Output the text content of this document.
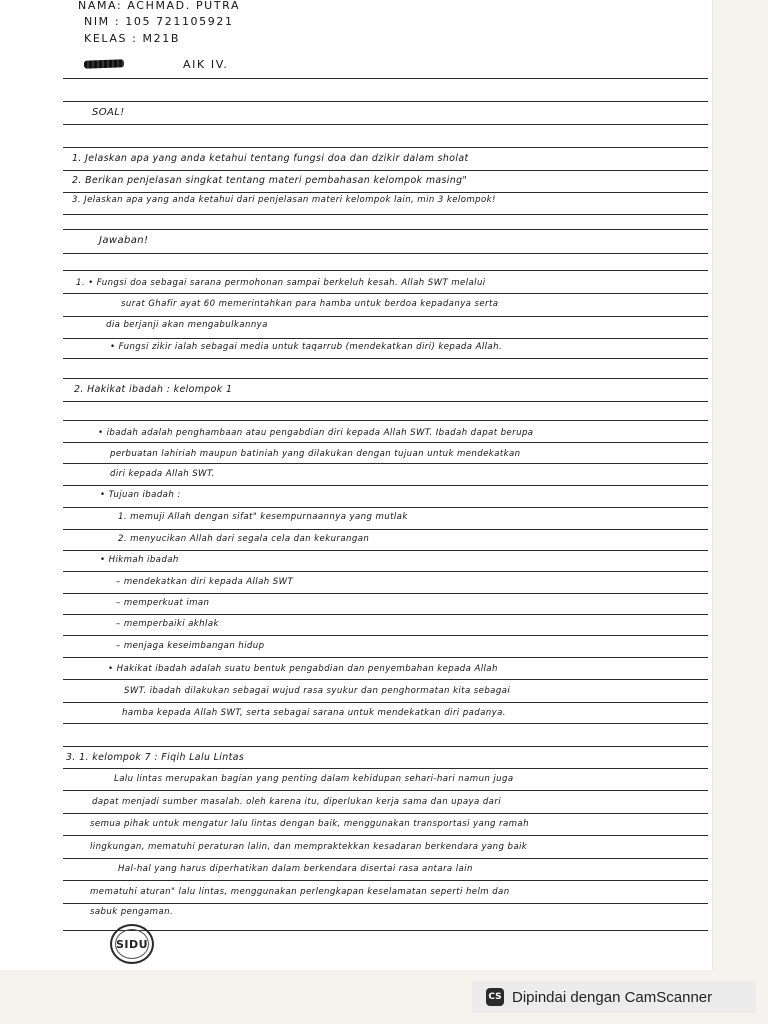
NAMA: ACHMAD. PUTRA
NIM : 105 721105921
KELAS : M21B
AIK IV.
SOAL!
1. Jelaskan apa yang anda ketahui tentang fungsi doa dan dzikir dalam sholat
2. Berikan penjelasan singkat tentang materi pembahasan kelompok masing"
3. Jelaskan apa yang anda ketahui dari penjelasan materi kelompok lain, min 3 kelompok!
Jawaban!
1. • Fungsi doa sebagai sarana permohonan sampai berkeluh kesah. Allah SWT melalui
surat Ghafir ayat 60 memerintahkan para hamba untuk berdoa kepadanya serta
dia berjanji akan mengabulkannya
• Fungsi zikir ialah sebagai media untuk taqarrub (mendekatkan diri) kepada Allah.
2. Hakikat ibadah : kelompok 1
• ibadah adalah penghambaan atau pengabdian diri kepada Allah SWT. Ibadah dapat berupa
perbuatan lahiriah maupun batiniah yang dilakukan dengan tujuan untuk mendekatkan
diri kepada Allah SWT.
• Tujuan ibadah :
1. memuji Allah dengan sifat" kesempurnaannya yang mutlak
2. menyucikan Allah dari segala cela dan kekurangan
• Hikmah ibadah
– mendekatkan diri kepada Allah SWT
– memperkuat iman
– memperbaiki akhlak
– menjaga keseimbangan hidup
• Hakikat ibadah adalah suatu bentuk pengabdian dan penyembahan kepada Allah
SWT. ibadah dilakukan sebagai wujud rasa syukur dan penghormatan kita sebagai
hamba kepada Allah SWT, serta sebagai sarana untuk mendekatkan diri padanya.
3. 1. kelompok 7 : Fiqih Lalu Lintas
Lalu lintas merupakan bagian yang penting dalam kehidupan sehari-hari namun juga
dapat menjadi sumber masalah. oleh karena itu, diperlukan kerja sama dan upaya dari
semua pihak untuk mengatur lalu lintas dengan baik, menggunakan transportasi yang ramah
lingkungan, mematuhi peraturan lalin, dan mempraktekkan kesadaran berkendara yang baik
Hal-hal yang harus diperhatikan dalam berkendara disertai rasa antara lain
mematuhi aturan" lalu lintas, menggunakan perlengkapan keselamatan seperti helm dan
sabuk pengaman.
SIDU
CS Dipindai dengan CamScanner
